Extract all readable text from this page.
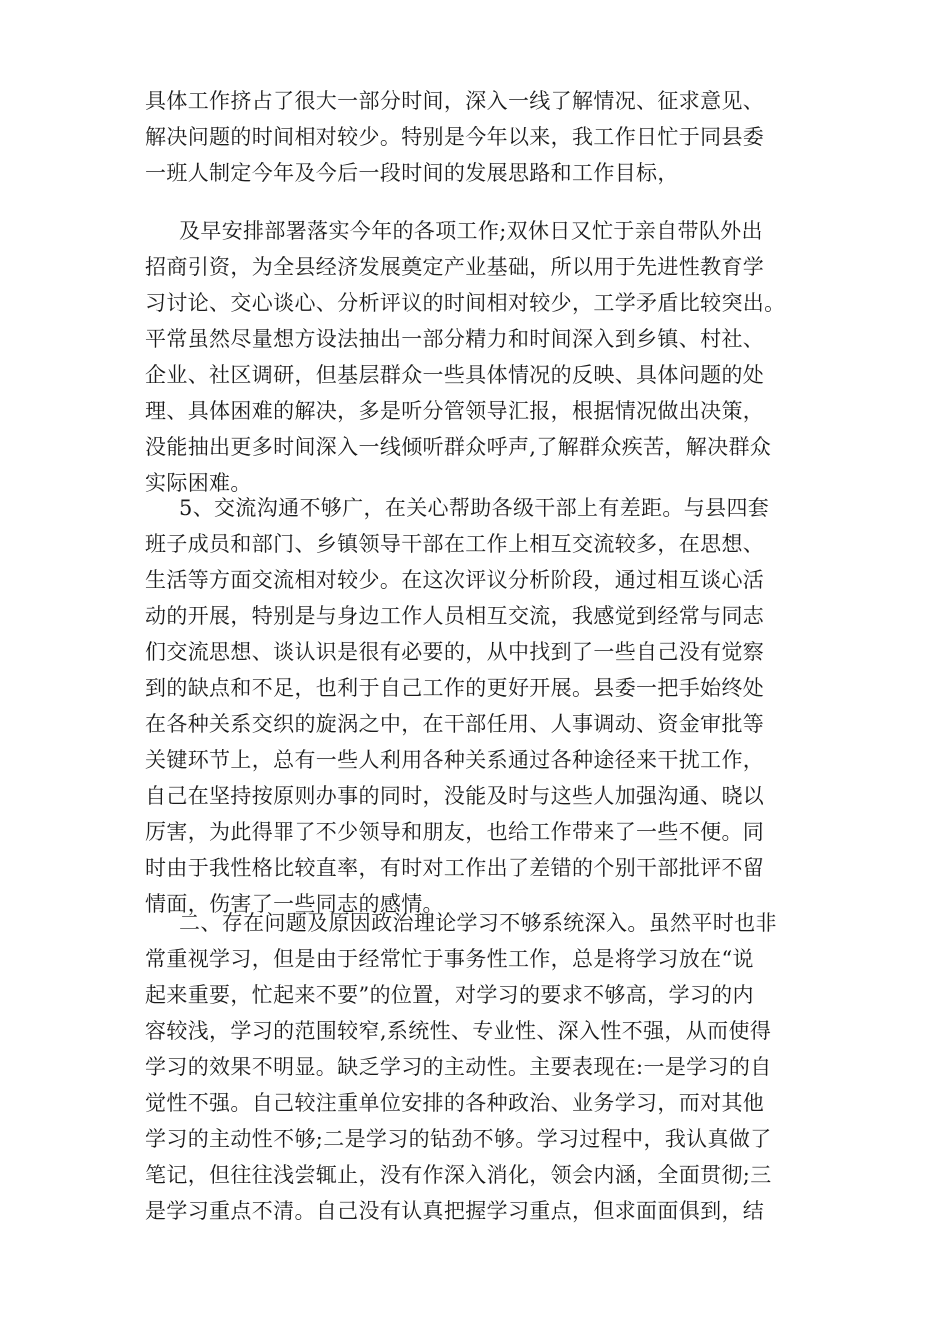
具体工作挤占了很大一部分时间，深入一线了解情况、征求意见、
解决问题的时间相对较少。特别是今年以来，我工作日忙于同县委
一班人制定今年及今后一段时间的发展思路和工作目标，
及早安排部署落实今年的各项工作;双休日又忙于亲自带队外出
招商引资，为全县经济发展奠定产业基础，所以用于先进性教育学
习讨论、交心谈心、分析评议的时间相对较少，工学矛盾比较突出。
平常虽然尽量想方设法抽出一部分精力和时间深入到乡镇、村社、
企业、社区调研，但基层群众一些具体情况的反映、具体问题的处
理、具体困难的解决，多是听分管领导汇报，根据情况做出决策，
没能抽出更多时间深入一线倾听群众呼声,了解群众疾苦，解决群众
实际困难。
5、交流沟通不够广，在关心帮助各级干部上有差距。与县四套
班子成员和部门、乡镇领导干部在工作上相互交流较多，在思想、
生活等方面交流相对较少。在这次评议分析阶段，通过相互谈心活
动的开展，特别是与身边工作人员相互交流，我感觉到经常与同志
们交流思想、谈认识是很有必要的，从中找到了一些自己没有觉察
到的缺点和不足，也利于自己工作的更好开展。县委一把手始终处
在各种关系交织的旋涡之中，在干部任用、人事调动、资金审批等
关键环节上，总有一些人利用各种关系通过各种途径来干扰工作，
自己在坚持按原则办事的同时，没能及时与这些人加强沟通、晓以
厉害，为此得罪了不少领导和朋友，也给工作带来了一些不便。同
时由于我性格比较直率，有时对工作出了差错的个别干部批评不留
情面，伤害了一些同志的感情。
二、存在问题及原因政治理论学习不够系统深入。虽然平时也非
常重视学习，但是由于经常忙于事务性工作，总是将学习放在“说
起来重要，忙起来不要”的位置，对学习的要求不够高，学习的内
容较浅，学习的范围较窄,系统性、专业性、深入性不强，从而使得
学习的效果不明显。缺乏学习的主动性。主要表现在:一是学习的自
觉性不强。自己较注重单位安排的各种政治、业务学习，而对其他
学习的主动性不够;二是学习的钻劲不够。学习过程中，我认真做了
笔记，但往往浅尝辄止，没有作深入消化，领会内涵，全面贯彻;三
是学习重点不清。自己没有认真把握学习重点，但求面面俱到，结
